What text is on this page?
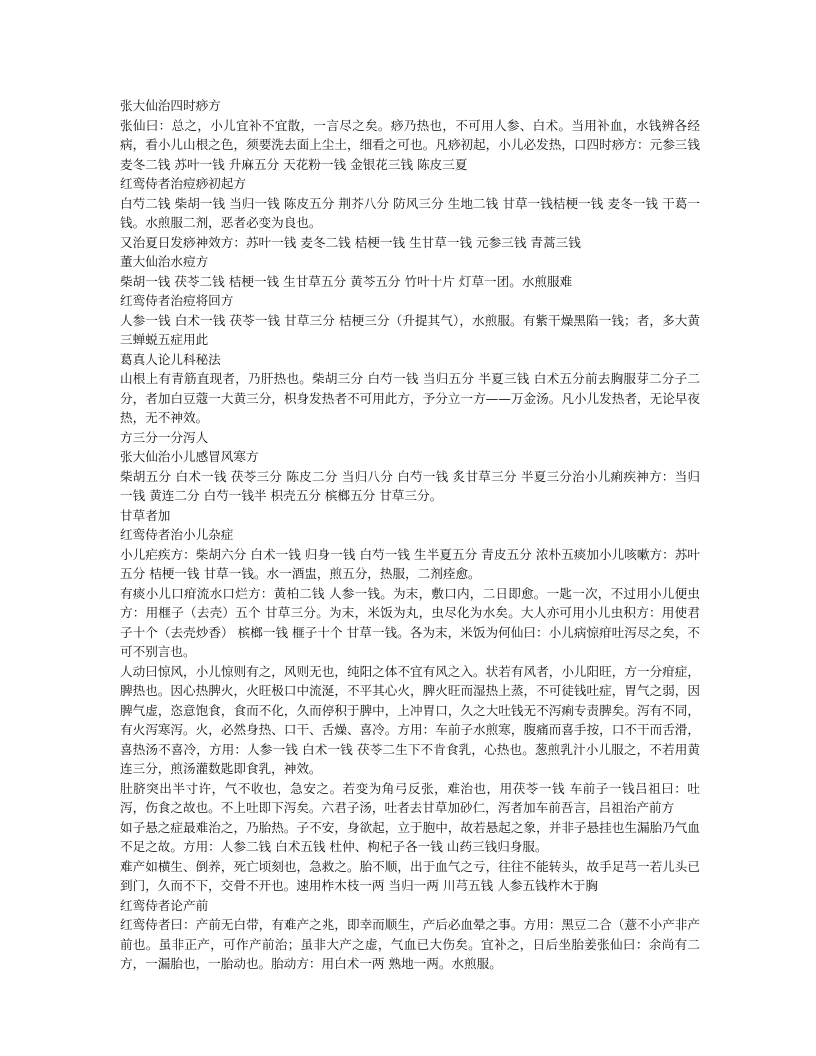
张大仙治四时痧方

张仙曰：总之，小儿宜补不宜散，一言尽之矣。痧乃热也，不可用人参、白术。当用补血，水钱辨各经病，看小儿山根之色，须要洗去面上尘土，细看之可也。凡痧初起，小儿必发热，口四时痧方：元参三钱 麦冬二钱 苏叶一钱 升麻五分 天花粉一钱 金银花三钱 陈皮三夏

红鸾侍者治痘痧初起方

白芍二钱 柴胡一钱 当归一钱 陈皮五分 荆芥八分 防风三分 生地二钱 甘草一钱桔梗一钱 麦冬一钱 干葛一钱。水煎服二剂，恶者必变为良也。

又治夏日发痧神效方：苏叶一钱 麦冬二钱 桔梗一钱 生甘草一钱 元参三钱 青蒿三钱

董大仙治水痘方

柴胡一钱 茯苓二钱 桔梗一钱 生甘草五分 黄芩五分 竹叶十片 灯草一团。水煎服难

红鸾侍者治痘将回方

人参一钱 白术一钱 茯苓一钱 甘草三分 桔梗三分（升提其气），水煎服。有紫干燥黑陷一钱；者，多大黄三蝉蜕五症用此

葛真人论儿科秘法

山根上有青筋直现者，乃肝热也。柴胡三分 白芍一钱 当归五分 半夏三钱 白术五分前去胸服芽二分子二分，者加白豆蔻一大黄三分，枳身发热者不可用此方，予分立一方——万金汤。凡小儿发热者，无论早夜热，无不神效。

方三分一分泻人

张大仙治小儿感冒风寒方

柴胡五分 白术一钱 茯苓三分 陈皮二分 当归八分 白芍一钱 炙甘草三分 半夏三分治小儿痢疾神方：当归一钱 黄连二分 白芍一钱半 枳壳五分 槟榔五分 甘草三分。

甘草者加

红鸾侍者治小儿杂症

小儿疟疾方：柴胡六分 白术一钱 归身一钱 白芍一钱 生半夏五分 青皮五分 浓朴五痰加小儿咳嗽方：苏叶五分 桔梗一钱 甘草一钱。水一酒盅，煎五分，热服，二剂痊愈。

有痰小儿口疳流水口烂方：黄柏二钱 人参一钱。为末，敷口内，二日即愈。一匙一次，不过用小儿便虫方：用榧子（去壳）五个 甘草三分。为末，米饭为丸，虫尽化为水矣。大人亦可用小儿虫积方：用使君子十个（去壳炒香） 槟榔一钱 榧子十个 甘草一钱。各为末，米饭为何仙曰：小儿病惊疳吐泻尽之矣，不可不别言也。

人动曰惊风，小儿惊则有之，风则无也，纯阳之体不宜有风之入。状若有风者，小儿阳旺，方一分疳症，脾热也。因心热脾火，火旺极口中流涎，不平其心火，脾火旺而湿热上蒸，不可徒钱吐症，胃气之弱，因脾气虚，恣意饱食，食而不化，久而停积于脾中，上冲胃口，久之大吐钱无不泻痢专责脾矣。泻有不同，有火泻寒泻。火，必然身热、口干、舌燥、喜冷。方用：车前子水煎寒，腹痛而喜手按，口不干而舌滑，喜热汤不喜冷，方用：人参一钱 白术一钱 茯苓二生下不肯食乳，心热也。葱煎乳汁小儿服之，不若用黄连三分，煎汤灌数匙即食乳，神效。

肚脐突出半寸许，气不收也，急安之。若变为角弓反张，难治也，用茯苓一钱 车前子一钱吕祖曰：吐泻，伤食之故也。不上吐即下泻矣。六君子汤，吐者去甘草加砂仁，泻者加车前吾言，吕祖治产前方

如子悬之症最难治之，乃胎热。子不安，身欲起，立于胞中，故若悬起之象，并非子悬挂也生漏胎乃气血不足之故。方用：人参二钱 白术五钱 杜仲、枸杞子各一钱 山药三钱归身服。

难产如横生、倒养，死亡顷刻也，急救之。胎不顺，出于血气之亏，往往不能转头，故手足芎一若儿头已到门，久而不下，交骨不开也。速用柞木枝一两 当归一两 川芎五钱 人参五钱柞木于胸

红鸾侍者论产前

红鸾侍者曰：产前无白带，有难产之兆，即幸而顺生，产后必血晕之事。方用：黑豆二合（薏不小产非产前也。虽非正产，可作产前治；虽非大产之虚，气血已大伤矣。宜补之，日后坐胎姜张仙曰：余尚有二方，一漏胎也，一胎动也。胎动方：用白术一两 熟地一两。水煎服。
